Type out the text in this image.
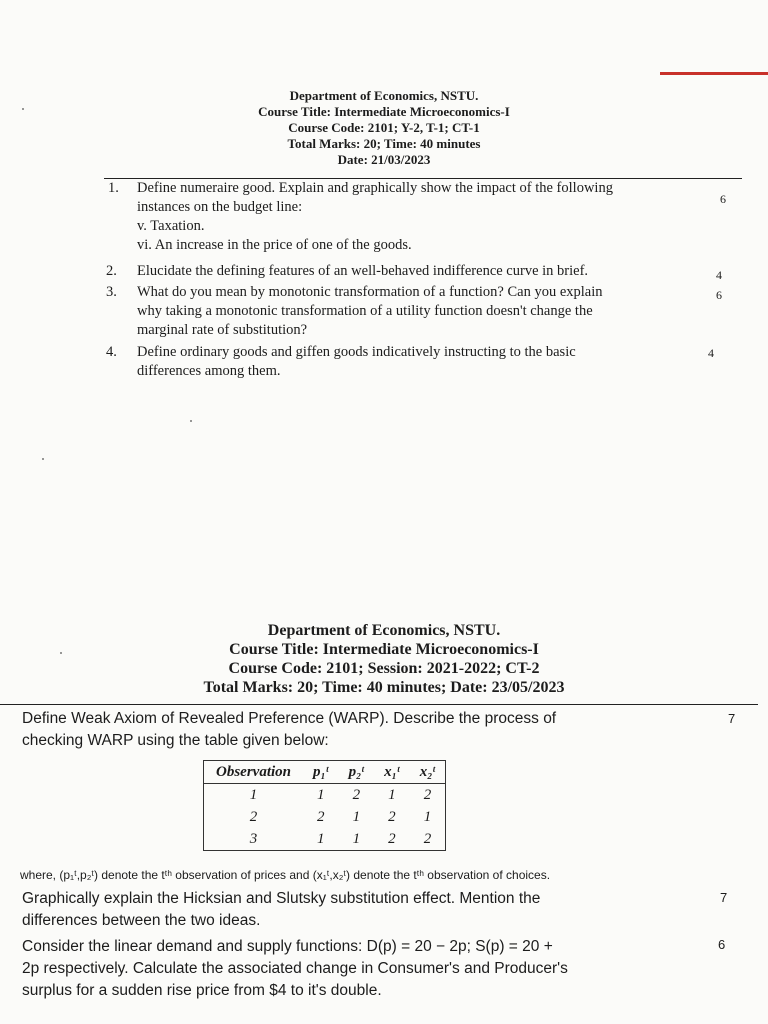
Department of Economics, NSTU.
Course Title: Intermediate Microeconomics-I
Course Code: 2101; Y-2, T-1; CT-1
Total Marks: 20; Time: 40 minutes
Date: 21/03/2023
1. Define numeraire good. Explain and graphically show the impact of the following
instances on the budget line:
v. Taxation.
vi. An increase in the price of one of the goods.
6
2. Elucidate the defining features of an well-behaved indifference curve in brief.	4
3. What do you mean by monotonic transformation of a function? Can you explain
why taking a monotonic transformation of a utility function doesn't change the
marginal rate of substitution?
6
4. Define ordinary goods and giffen goods indicatively instructing to the basic
differences among them.
4
Department of Economics, NSTU.
Course Title: Intermediate Microeconomics-I
Course Code: 2101; Session: 2021-2022; CT-2
Total Marks: 20; Time: 40 minutes; Date: 23/05/2023
Define Weak Axiom of Revealed Preference (WARP). Describe the process of
checking WARP using the table given below:
7
Observation	p₁ᵗ	p₂ᵗ	x₁ᵗ	x₂ᵗ
1	1	2	1	2
2	2	1	2	1
3	1	1	2	2
where, (p₁ᵗ,p₂ᵗ) denote the tᵗʰ observation of prices and (x₁ᵗ,x₂ᵗ) denote the tᵗʰ observation of choices.
Graphically explain the Hicksian and Slutsky substitution effect. Mention the
differences between the two ideas.
7
Consider the linear demand and supply functions: D(p) = 20 − 2p; S(p) = 20 +
2p respectively. Calculate the associated change in Consumer's and Producer's
surplus for a sudden rise price from $4 to it's double.
6
